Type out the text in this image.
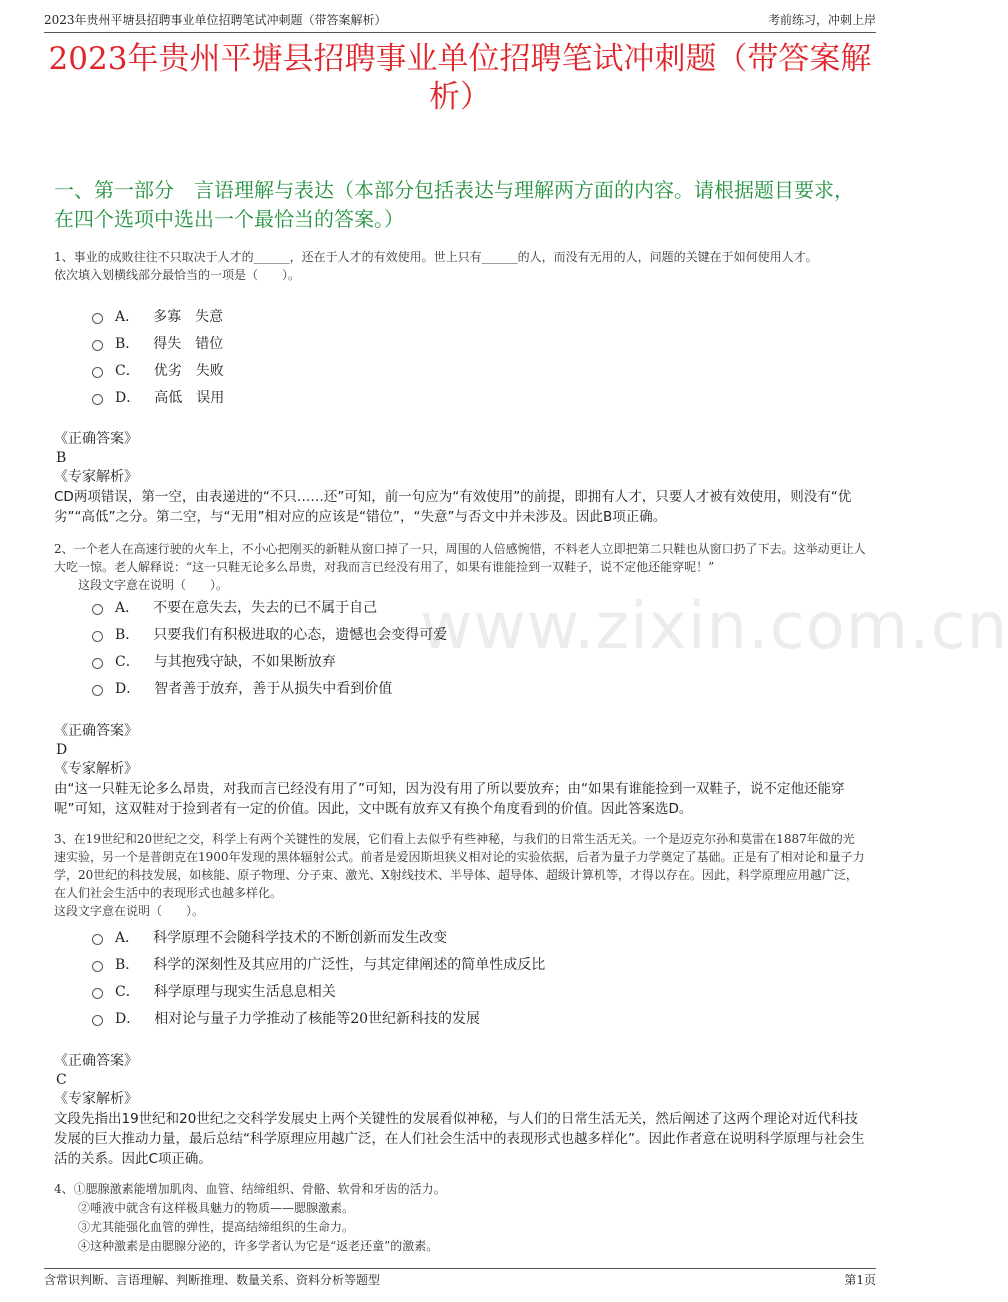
2023年贵州平塘县招聘事业单位招聘笔试冲刺题（带答案解析）	考前练习，冲刺上岸
2023年贵州平塘县招聘事业单位招聘笔试冲刺题（带答案解析）
一、第一部分　言语理解与表达（本部分包括表达与理解两方面的内容。请根据题目要求，在四个选项中选出一个最恰当的答案。）
www.zixin.com.cn
1、事业的成败往往不只取决于人才的______，还在于人才的有效使用。世上只有______的人，而没有无用的人，问题的关键在于如何使用人才。
依次填入划横线部分最恰当的一项是（　　）。
A． 多寡　失意
B． 得失　错位
C． 优劣　失败
D． 高低　误用
《正确答案》
B
《专家解析》
CD两项错误，第一空，由表递进的“不只……还”可知，前一句应为“有效使用”的前提，即拥有人才，只要人才被有效使用，则没有“优劣”“高低”之分。第二空，与“无用”相对应的应该是“错位”，“失意”与否文中并未涉及。因此B项正确。
2、一个老人在高速行驶的火车上，不小心把刚买的新鞋从窗口掉了一只，周围的人倍感惋惜，不料老人立即把第二只鞋也从窗口扔了下去。这举动更让人大吃一惊。老人解释说：“这一只鞋无论多么昂贵，对我而言已经没有用了，如果有谁能捡到一双鞋子，说不定他还能穿呢！”
这段文字意在说明（　　）。
A． 不要在意失去，失去的已不属于自己
B． 只要我们有积极进取的心态，遗憾也会变得可爱
C． 与其抱残守缺，不如果断放弃
D． 智者善于放弃，善于从损失中看到价值
《正确答案》
D
《专家解析》
由“这一只鞋无论多么昂贵，对我而言已经没有用了”可知，因为没有用了所以要放弃；由“如果有谁能捡到一双鞋子，说不定他还能穿呢”可知，这双鞋对于捡到者有一定的价值。因此，文中既有放弃又有换个角度看到的价值。因此答案选D。
3、在19世纪和20世纪之交，科学上有两个关键性的发展，它们看上去似乎有些神秘，与我们的日常生活无关。一个是迈克尔孙和莫雷在1887年做的光速实验，另一个是普朗克在1900年发现的黑体辐射公式。前者是爱因斯坦狭义相对论的实验依据，后者为量子力学奠定了基础。正是有了相对论和量子力学，20世纪的科技发展，如核能、原子物理、分子束、激光、X射线技术、半导体、超导体、超级计算机等，才得以存在。因此，科学原理应用越广泛，在人们社会生活中的表现形式也越多样化。
这段文字意在说明（　　）。
A． 科学原理不会随科学技术的不断创新而发生改变
B． 科学的深刻性及其应用的广泛性，与其定律阐述的简单性成反比
C． 科学原理与现实生活息息相关
D． 相对论与量子力学推动了核能等20世纪新科技的发展
《正确答案》
C
《专家解析》
文段先指出19世纪和20世纪之交科学发展史上两个关键性的发展看似神秘，与人们的日常生活无关，然后阐述了这两个理论对近代科技发展的巨大推动力量，最后总结“科学原理应用越广泛，在人们社会生活中的表现形式也越多样化”。因此作者意在说明科学原理与社会生活的关系。因此C项正确。
4、①腮腺激素能增加肌肉、血管、结缔组织、骨骼、软骨和牙齿的活力。
②唾液中就含有这样极具魅力的物质——腮腺激素。
③尤其能强化血管的弹性，提高结缔组织的生命力。
④这种激素是由腮腺分泌的，许多学者认为它是“返老还童”的激素。
含常识判断、言语理解、判断推理、数量关系、资料分析等题型	第1页
